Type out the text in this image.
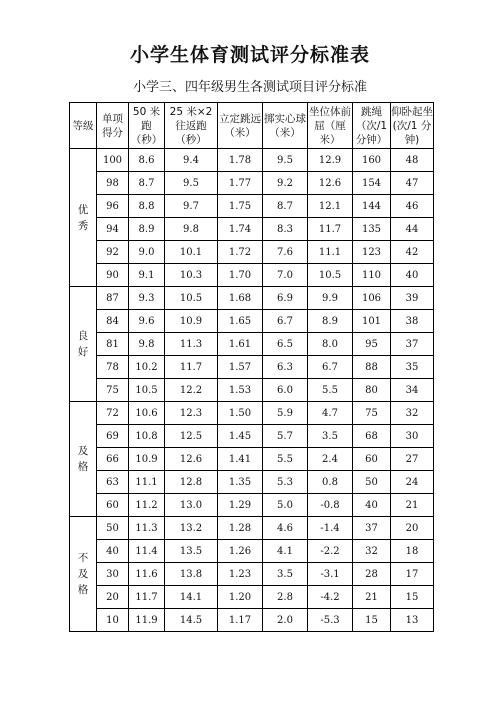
小学生体育测试评分标准表
小学三、四年级男生各测试项目评分标准
等级	单项得分	50 米跑（秒）	25 米×2 往返跑（秒）	立定跳远（米）	掷实心球（米）	坐位体前屈（厘米）	跳绳（次/1 分钟）	仰卧起坐(次/1 分钟)
优秀	100	8.6	9.4	1.78	9.5	12.9	160	48
	98	8.7	9.5	1.77	9.2	12.6	154	47
	96	8.8	9.7	1.75	8.7	12.1	144	46
	94	8.9	9.8	1.74	8.3	11.7	135	44
	92	9.0	10.1	1.72	7.6	11.1	123	42
	90	9.1	10.3	1.70	7.0	10.5	110	40
良好	87	9.3	10.5	1.68	6.9	9.9	106	39
	84	9.6	10.9	1.65	6.7	8.9	101	38
	81	9.8	11.3	1.61	6.5	8.0	95	37
	78	10.2	11.7	1.57	6.3	6.7	88	35
	75	10.5	12.2	1.53	6.0	5.5	80	34
及格	72	10.6	12.3	1.50	5.9	4.7	75	32
	69	10.8	12.5	1.45	5.7	3.5	68	30
	66	10.9	12.6	1.41	5.5	2.4	60	27
	63	11.1	12.8	1.35	5.3	0.8	50	24
	60	11.2	13.0	1.29	5.0	-0.8	40	21
不及格	50	11.3	13.2	1.28	4.6	-1.4	37	20
	40	11.4	13.5	1.26	4.1	-2.2	32	18
	30	11.6	13.8	1.23	3.5	-3.1	28	17
	20	11.7	14.1	1.20	2.8	-4.2	21	15
	10	11.9	14.5	1.17	2.0	-5.3	15	13
